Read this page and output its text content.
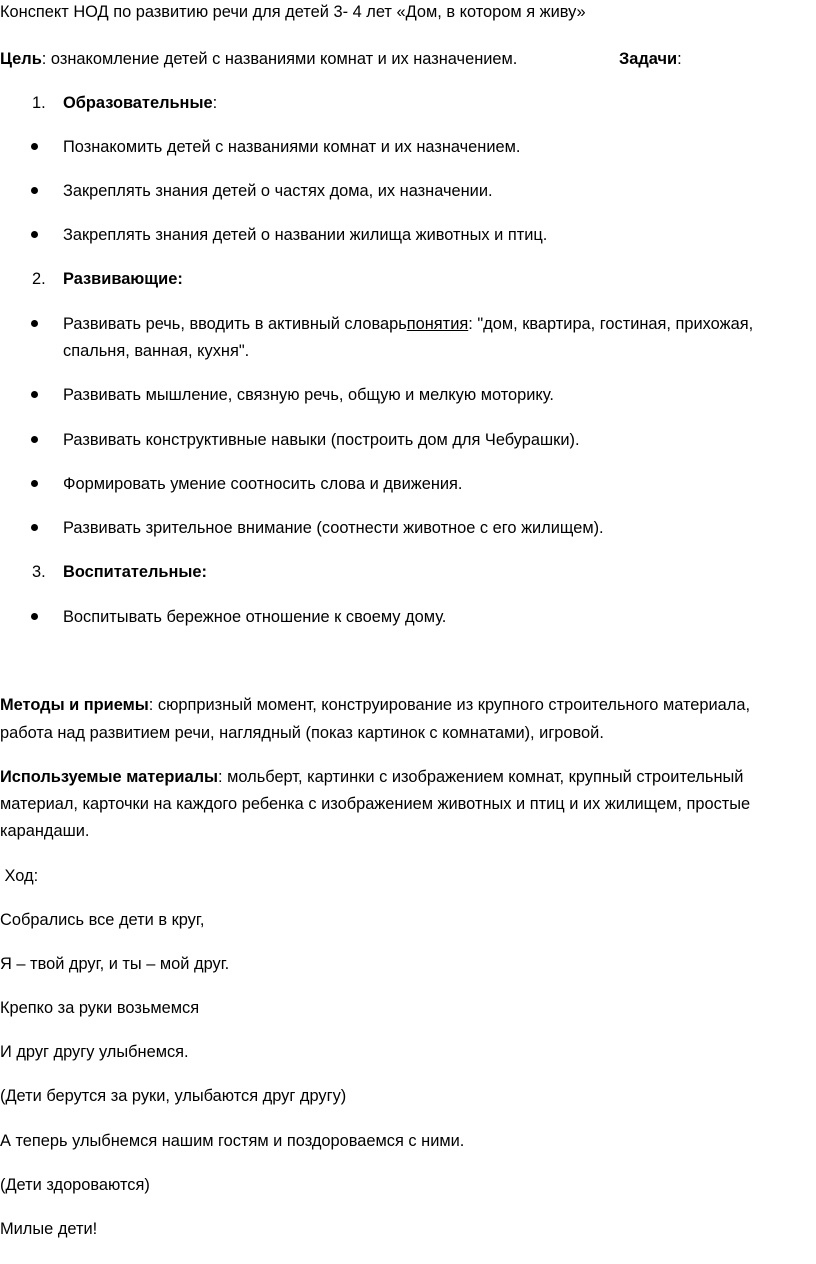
Конспект НОД по развитию речи для детей 3- 4 лет «Дом, в котором я живу»
Цель: ознакомление детей с названиями комнат и их назначением.	Задачи:
1. Образовательные:
Познакомить детей с названиями комнат и их назначением.
Закреплять знания детей о частях дома, их назначении.
Закреплять знания детей о названии жилища животных и птиц.
2. Развивающие:
Развивать речь, вводить в активный словарьпонятия: "дом, квартира, гостиная, прихожая,
спальня, ванная, кухня".
Развивать мышление, связную речь, общую и мелкую моторику.
Развивать конструктивные навыки (построить дом для Чебурашки).
Формировать умение соотносить слова и движения.
Развивать зрительное внимание (соотнести животное с его жилищем).
3. Воспитательные:
Воспитывать бережное отношение к своему дому.
Методы и приемы: сюрпризный момент, конструирование из крупного строительного материала,
работа над развитием речи, наглядный (показ картинок с комнатами), игровой.
Используемые материалы: мольберт, картинки с изображением комнат, крупный строительный
материал, карточки на каждого ребенка с изображением животных и птиц и их жилищем, простые
карандаши.
Ход:
Собрались все дети в круг,
Я – твой друг, и ты – мой друг.
Крепко за руки возьмемся
И друг другу улыбнемся.
(Дети берутся за руки, улыбаются друг другу)
А теперь улыбнемся нашим гостям и поздороваемся с ними.
(Дети здороваются)
Милые дети!
